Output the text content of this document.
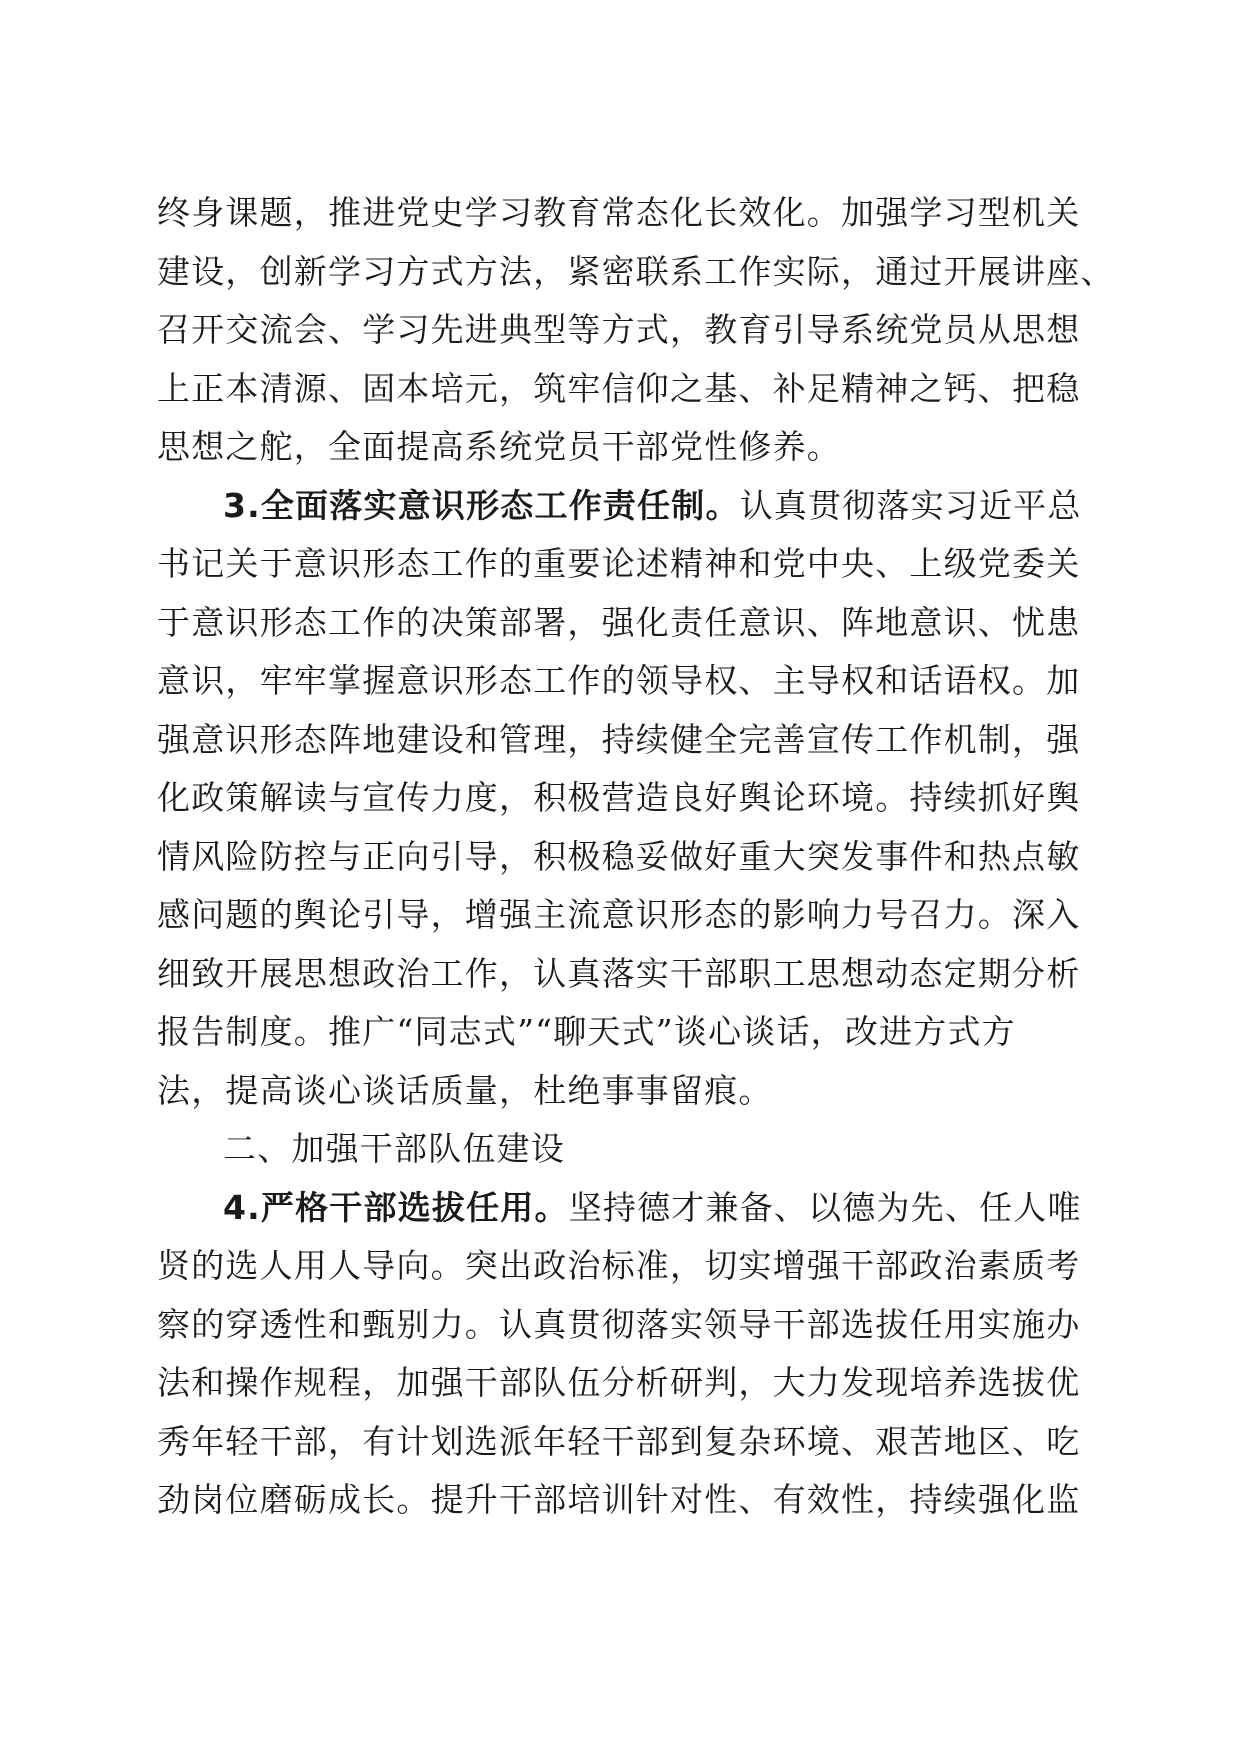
终身课题，推进党史学习教育常态化长效化。加强学习型机关
建设，创新学习方式方法，紧密联系工作实际，通过开展讲座、
召开交流会、学习先进典型等方式，教育引导系统党员从思想
上正本清源、固本培元，筑牢信仰之基、补足精神之钙、把稳
思想之舵，全面提高系统党员干部党性修养。
3.全面落实意识形态工作责任制。认真贯彻落实习近平总
书记关于意识形态工作的重要论述精神和党中央、上级党委关
于意识形态工作的决策部署，强化责任意识、阵地意识、忧患
意识，牢牢掌握意识形态工作的领导权、主导权和话语权。加
强意识形态阵地建设和管理，持续健全完善宣传工作机制，强
化政策解读与宣传力度，积极营造良好舆论环境。持续抓好舆
情风险防控与正向引导，积极稳妥做好重大突发事件和热点敏
感问题的舆论引导，增强主流意识形态的影响力号召力。深入
细致开展思想政治工作，认真落实干部职工思想动态定期分析
报告制度。推广“同志式”“聊天式”谈心谈话，改进方式方
法，提高谈心谈话质量，杜绝事事留痕。
二、加强干部队伍建设
4.严格干部选拔任用。坚持德才兼备、以德为先、任人唯
贤的选人用人导向。突出政治标准，切实增强干部政治素质考
察的穿透性和甄别力。认真贯彻落实领导干部选拔任用实施办
法和操作规程，加强干部队伍分析研判，大力发现培养选拔优
秀年轻干部，有计划选派年轻干部到复杂环境、艰苦地区、吃
劲岗位磨砺成长。提升干部培训针对性、有效性，持续强化监
